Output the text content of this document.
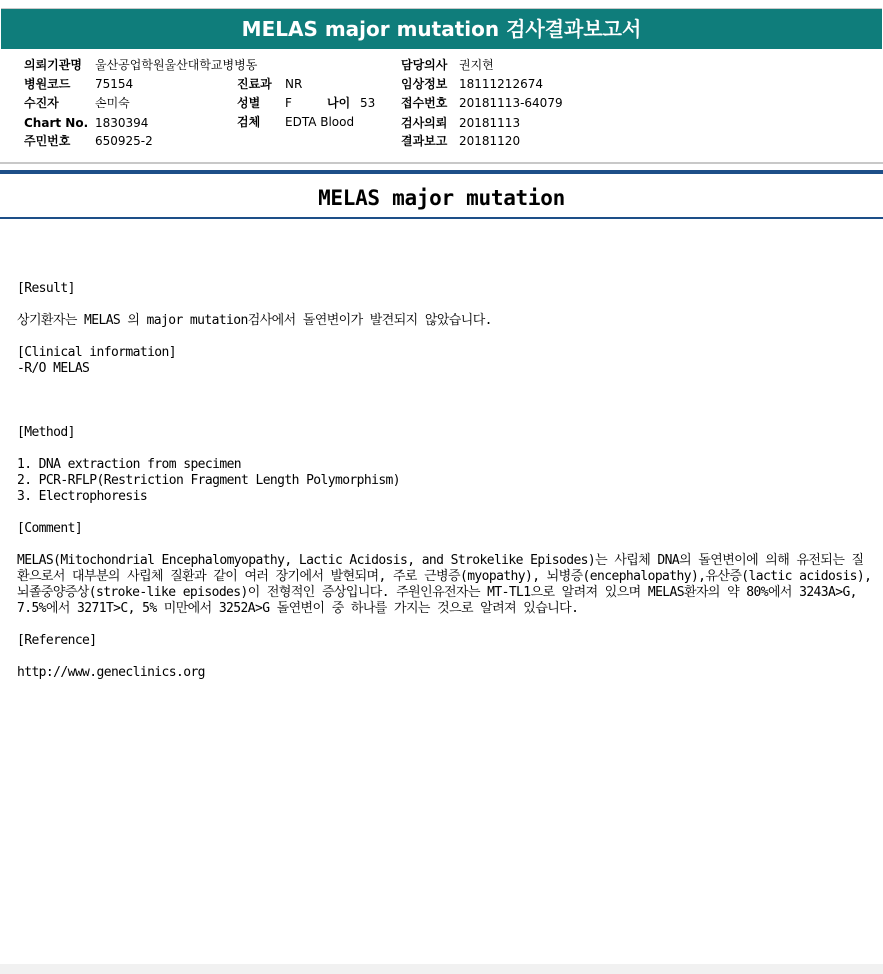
MELAS major mutation 검사결과보고서
의뢰기관명 울산공업학원울산대학교병병동
병원코드 75154
수진자	손미숙
Chart No. 1830394
주민번호 650925-2
진료과 NR
성별 F	나이 53
검체 EDTA Blood
담당의사 권지현
임상정보 18111212674
접수번호 20181113-64079
검사의뢰 20181113
결과보고 20181120
MELAS major mutation

[Result]

상기환자는 MELAS 의 major mutation검사에서 돌연변이가 발견되지 않았습니다.

[Clinical information]

-R/O MELAS

[Method]

1. DNA extraction from specimen

2. PCR-RFLP(Restriction Fragment Length Polymorphism)

3. Electrophoresis

[Comment]

MELAS(Mitochondrial Encephalomyopathy, Lactic Acidosis, and Strokelike Episodes)는 사립체 DNA의 돌연변이에 의해 유전되는 질환으로서 대부분의 사립체 질환과 같이 여러 장기에서 발현되며, 주로 근병증(myopathy), 뇌병증(encephalopathy),유산증(lactic acidosis),뇌졸중양증상(stroke-like episodes)이 전형적인 증상입니다. 주원인유전자는 MT-TL1으로 알려져 있으며 MELAS환자의 약 80%에서 3243A>G, 7.5%에서 3271T>C, 5% 미만에서 3252A>G 돌연변이 중 하나를 가지는 것으로 알려져 있습니다.

[Reference]

http://www.geneclinics.org
